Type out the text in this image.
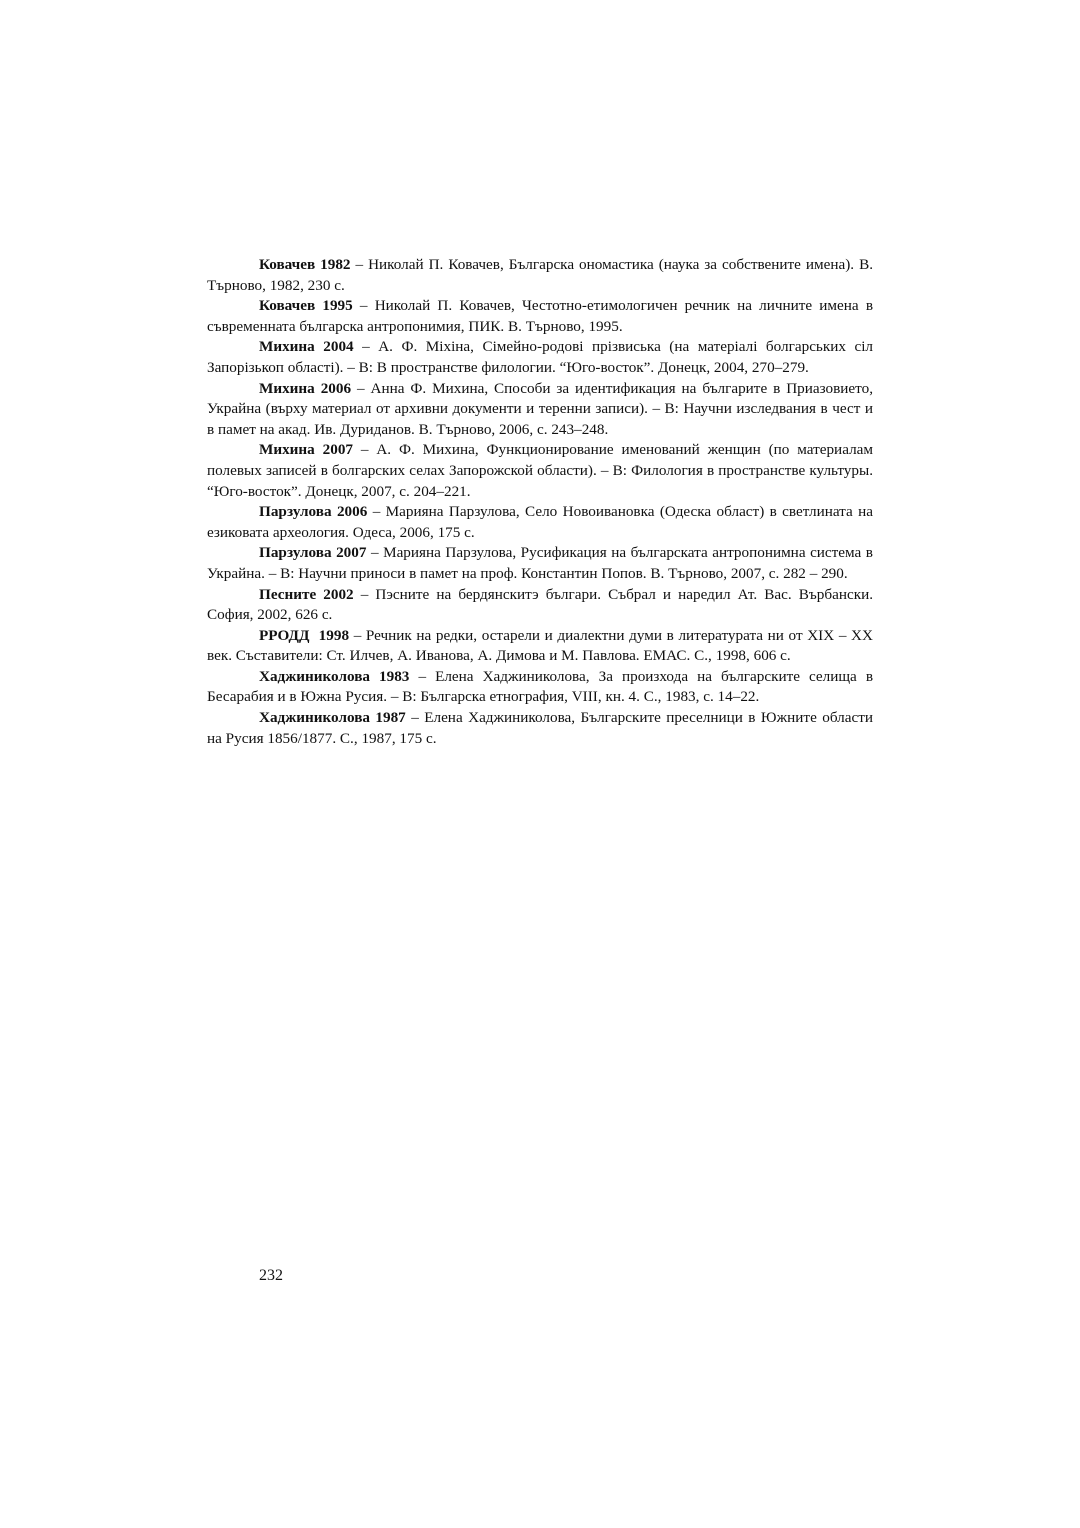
Ковачев 1982 – Николай П. Ковачев, Българска ономастика (наука за собствените имена). В. Търново, 1982, 230 с.

Ковачев 1995 – Николай П. Ковачев, Честотно-етимологичен речник на личните имена в съвременната българска антропонимия, ПИК. В. Търново, 1995.

Михина 2004 – А. Ф. Міхіна, Сімейно-родові прізвиська (на матеріалі болгарських сіл Запорізькоп області). – В: В пространстве филологии. “Юго-восток”. Донецк, 2004, 270–279.

Михина 2006 – Анна Ф. Михина, Способи за идентификация на българите в Приазовието, Украйна (върху материал от архивни документи и теренни записи). – В: Научни изследвания в чест и в памет на акад. Ив. Дуриданов. В. Търново, 2006, с. 243–248.

Михина 2007 – А. Ф. Михина, Функционирование именований женщин (по материалам полевых записей в болгарских селах Запорожской области). – В: Филология в пространстве культуры. “Юго-восток”. Донецк, 2007, с. 204–221.

Парзулова 2006 – Марияна Парзулова, Село Новоивановка (Одеска област) в светлината на езиковата археология. Одеса, 2006, 175 с.

Парзулова 2007 – Марияна Парзулова, Русификация на българската антропонимна система в Украйна. – В: Научни приноси в памет на проф. Константин Попов. В. Търново, 2007, с. 282 – 290.

Песните 2002 – Пэсните на бердянскитэ българи. Събрал и наредил Ат. Вас. Върбански. София, 2002, 626 с.

РРОДД  1998 – Речник на редки, остарели и диалектни думи в литературата ни от XIX – XX век. Съставители: Ст. Илчев, А. Иванова, А. Димова и М. Павлова. ЕМАС. С., 1998, 606 с.

Хаджиниколова 1983 – Елена Хаджиниколова, За произхода на българските селища в Бесарабия и в Южна Русия. – В: Българска етнография, VIII, кн. 4. С., 1983, с. 14–22.

Хаджиниколова 1987 – Елена Хаджиниколова, Българските преселници в Южните области на Русия 1856/1877. С., 1987, 175 с.

232
